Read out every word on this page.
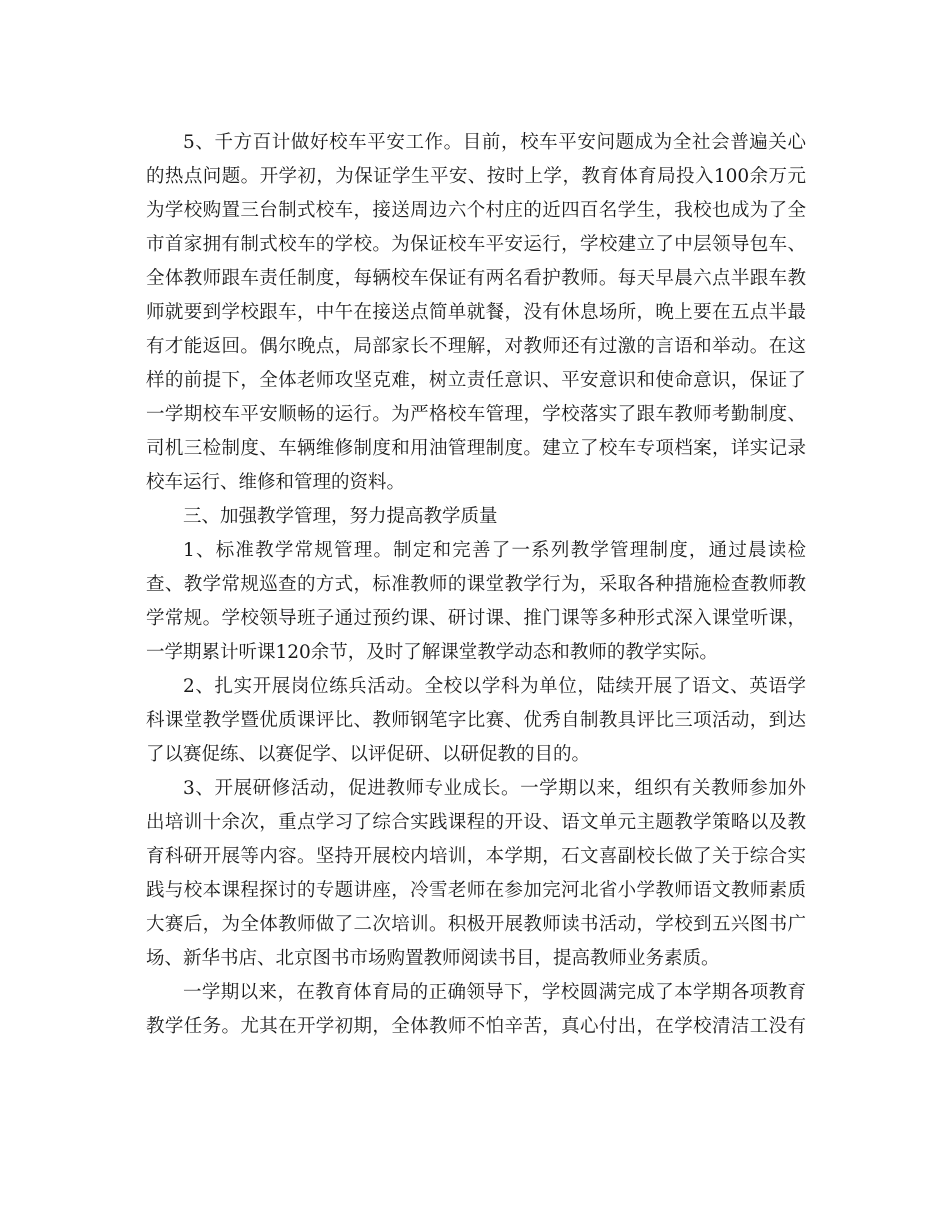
5、千方百计做好校车平安工作。目前，校车平安问题成为全社会普遍关心
的热点问题。开学初，为保证学生平安、按时上学，教育体育局投入100余万元
为学校购置三台制式校车，接送周边六个村庄的近四百名学生，我校也成为了全
市首家拥有制式校车的学校。为保证校车平安运行，学校建立了中层领导包车、
全体教师跟车责任制度，每辆校车保证有两名看护教师。每天早晨六点半跟车教
师就要到学校跟车，中午在接送点简单就餐，没有休息场所，晚上要在五点半最
有才能返回。偶尔晚点，局部家长不理解，对教师还有过激的言语和举动。在这
样的前提下，全体老师攻坚克难，树立责任意识、平安意识和使命意识，保证了
一学期校车平安顺畅的运行。为严格校车管理，学校落实了跟车教师考勤制度、
司机三检制度、车辆维修制度和用油管理制度。建立了校车专项档案，详实记录
校车运行、维修和管理的资料。
三、加强教学管理，努力提高教学质量
1、标准教学常规管理。制定和完善了一系列教学管理制度，通过晨读检
查、教学常规巡查的方式，标准教师的课堂教学行为，采取各种措施检查教师教
学常规。学校领导班子通过预约课、研讨课、推门课等多种形式深入课堂听课，
一学期累计听课120余节，及时了解课堂教学动态和教师的教学实际。
2、扎实开展岗位练兵活动。全校以学科为单位，陆续开展了语文、英语学
科课堂教学暨优质课评比、教师钢笔字比赛、优秀自制教具评比三项活动，到达
了以赛促练、以赛促学、以评促研、以研促教的目的。
3、开展研修活动，促进教师专业成长。一学期以来，组织有关教师参加外
出培训十余次，重点学习了综合实践课程的开设、语文单元主题教学策略以及教
育科研开展等内容。坚持开展校内培训，本学期，石文喜副校长做了关于综合实
践与校本课程探讨的专题讲座，冷雪老师在参加完河北省小学教师语文教师素质
大赛后，为全体教师做了二次培训。积极开展教师读书活动，学校到五兴图书广
场、新华书店、北京图书市场购置教师阅读书目，提高教师业务素质。
一学期以来，在教育体育局的正确领导下，学校圆满完成了本学期各项教育
教学任务。尤其在开学初期，全体教师不怕辛苦，真心付出，在学校清洁工没有
